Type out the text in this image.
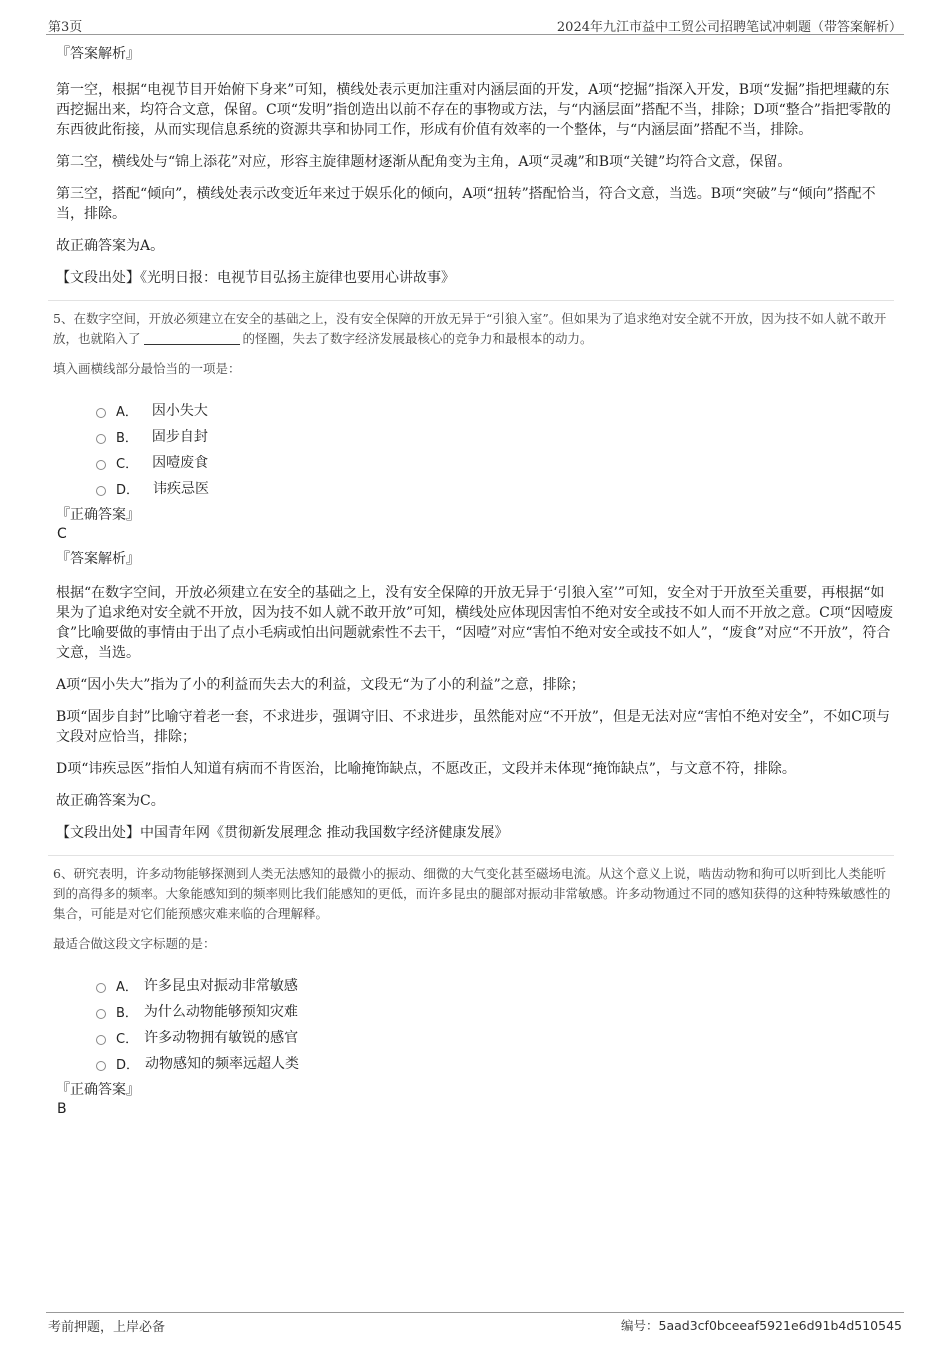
第3页	2024年九江市益中工贸公司招聘笔试冲刺题（带答案解析）

『答案解析』

第一空，根据“电视节目开始俯下身来”可知，横线处表示更加注重对内涵层面的开发，A项“挖掘”指深入开发，B项“发掘”指把埋藏的东西挖掘出来，均符合文意，保留。C项“发明”指创造出以前不存在的事物或方法，与“内涵层面”搭配不当，排除；D项“整合”指把零散的东西彼此衔接，从而实现信息系统的资源共享和协同工作，形成有价值有效率的一个整体，与“内涵层面”搭配不当，排除。

第二空，横线处与“锦上添花”对应，形容主旋律题材逐渐从配角变为主角，A项“灵魂”和B项“关键”均符合文意，保留。

第三空，搭配“倾向”，横线处表示改变近年来过于娱乐化的倾向，A项“扭转”搭配恰当，符合文意，当选。B项“突破”与“倾向”搭配不当，排除。

故正确答案为A。

【文段出处】《光明日报：电视节目弘扬主旋律也要用心讲故事》

5、在数字空间，开放必须建立在安全的基础之上，没有安全保障的开放无异于“引狼入室”。但如果为了追求绝对安全就不开放，因为技不如人就不敢开放，也就陷入了	的怪圈，失去了数字经济发展最核心的竞争力和最根本的动力。

填入画横线部分最恰当的一项是：

A． 因小失大
B． 固步自封
C． 因噎废食
D． 讳疾忌医

『正确答案』

C

『答案解析』

根据“在数字空间，开放必须建立在安全的基础之上，没有安全保障的开放无异于‘引狼入室’”可知，安全对于开放至关重要，再根据“如果为了追求绝对安全就不开放，因为技不如人就不敢开放”可知，横线处应体现因害怕不绝对安全或技不如人而不开放之意。C项“因噎废食”比喻要做的事情由于出了点小毛病或怕出问题就索性不去干，“因噎”对应“害怕不绝对安全或技不如人”，“废食”对应“不开放”，符合文意，当选。

A项“因小失大”指为了小的利益而失去大的利益，文段无“为了小的利益”之意，排除；

B项“固步自封”比喻守着老一套，不求进步，强调守旧、不求进步，虽然能对应“不开放”，但是无法对应“害怕不绝对安全”，不如C项与文段对应恰当，排除；

D项“讳疾忌医”指怕人知道有病而不肯医治，比喻掩饰缺点，不愿改正，文段并未体现“掩饰缺点”，与文意不符，排除。

故正确答案为C。

【文段出处】中国青年网《贯彻新发展理念 推动我国数字经济健康发展》

6、研究表明，许多动物能够探测到人类无法感知的最微小的振动、细微的大气变化甚至磁场电流。从这个意义上说，啮齿动物和狗可以听到比人类能听到的高得多的频率。大象能感知到的频率则比我们能感知的更低，而许多昆虫的腿部对振动非常敏感。许多动物通过不同的感知获得的这种特殊敏感性的集合，可能是对它们能预感灾难来临的合理解释。

最适合做这段文字标题的是：

A． 许多昆虫对振动非常敏感
B． 为什么动物能够预知灾难
C． 许多动物拥有敏锐的感官
D． 动物感知的频率远超人类

『正确答案』

B

考前押题，上岸必备	编号：5aad3cf0bceeaf5921e6d91b4d510545
